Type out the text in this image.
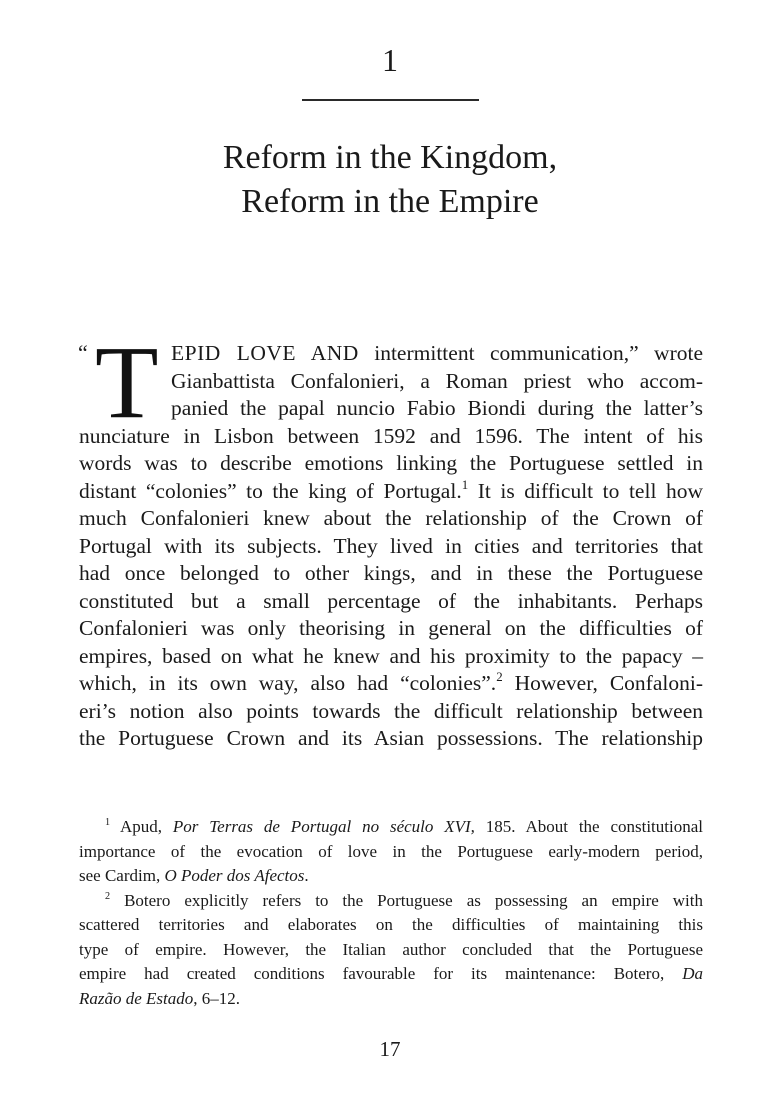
1
Reform in the Kingdom,
Reform in the Empire
“ T EPID LOVE AND intermittent communication,” wrote
Gianbattista Confalonieri, a Roman priest who accom-
panied the papal nuncio Fabio Biondi during the latter’s
nunciature in Lisbon between 1592 and 1596. The intent of his
words was to describe emotions linking the Portuguese settled in
distant “colonies” to the king of Portugal.$^1$ It is difficult to tell how
much Confalonieri knew about the relationship of the Crown of
Portugal with its subjects. They lived in cities and territories that
had once belonged to other kings, and in these the Portuguese
constituted but a small percentage of the inhabitants. Perhaps
Confalonieri was only theorising in general on the difficulties of
empires, based on what he knew and his proximity to the papacy –
which, in its own way, also had “colonies”.$^2$ However, Confaloni-
eri’s notion also points towards the difficult relationship between
the Portuguese Crown and its Asian possessions. The relationship
$^1$ Apud, Por Terras de Portugal no século XVI, 185. About the constitutional
importance of the evocation of love in the Portuguese early-modern period,
see Cardim, O Poder dos Afectos.
$^2$ Botero explicitly refers to the Portuguese as possessing an empire with
scattered territories and elaborates on the difficulties of maintaining this
type of empire. However, the Italian author concluded that the Portuguese
empire had created conditions favourable for its maintenance: Botero, Da
Razão de Estado, 6–12.
17
